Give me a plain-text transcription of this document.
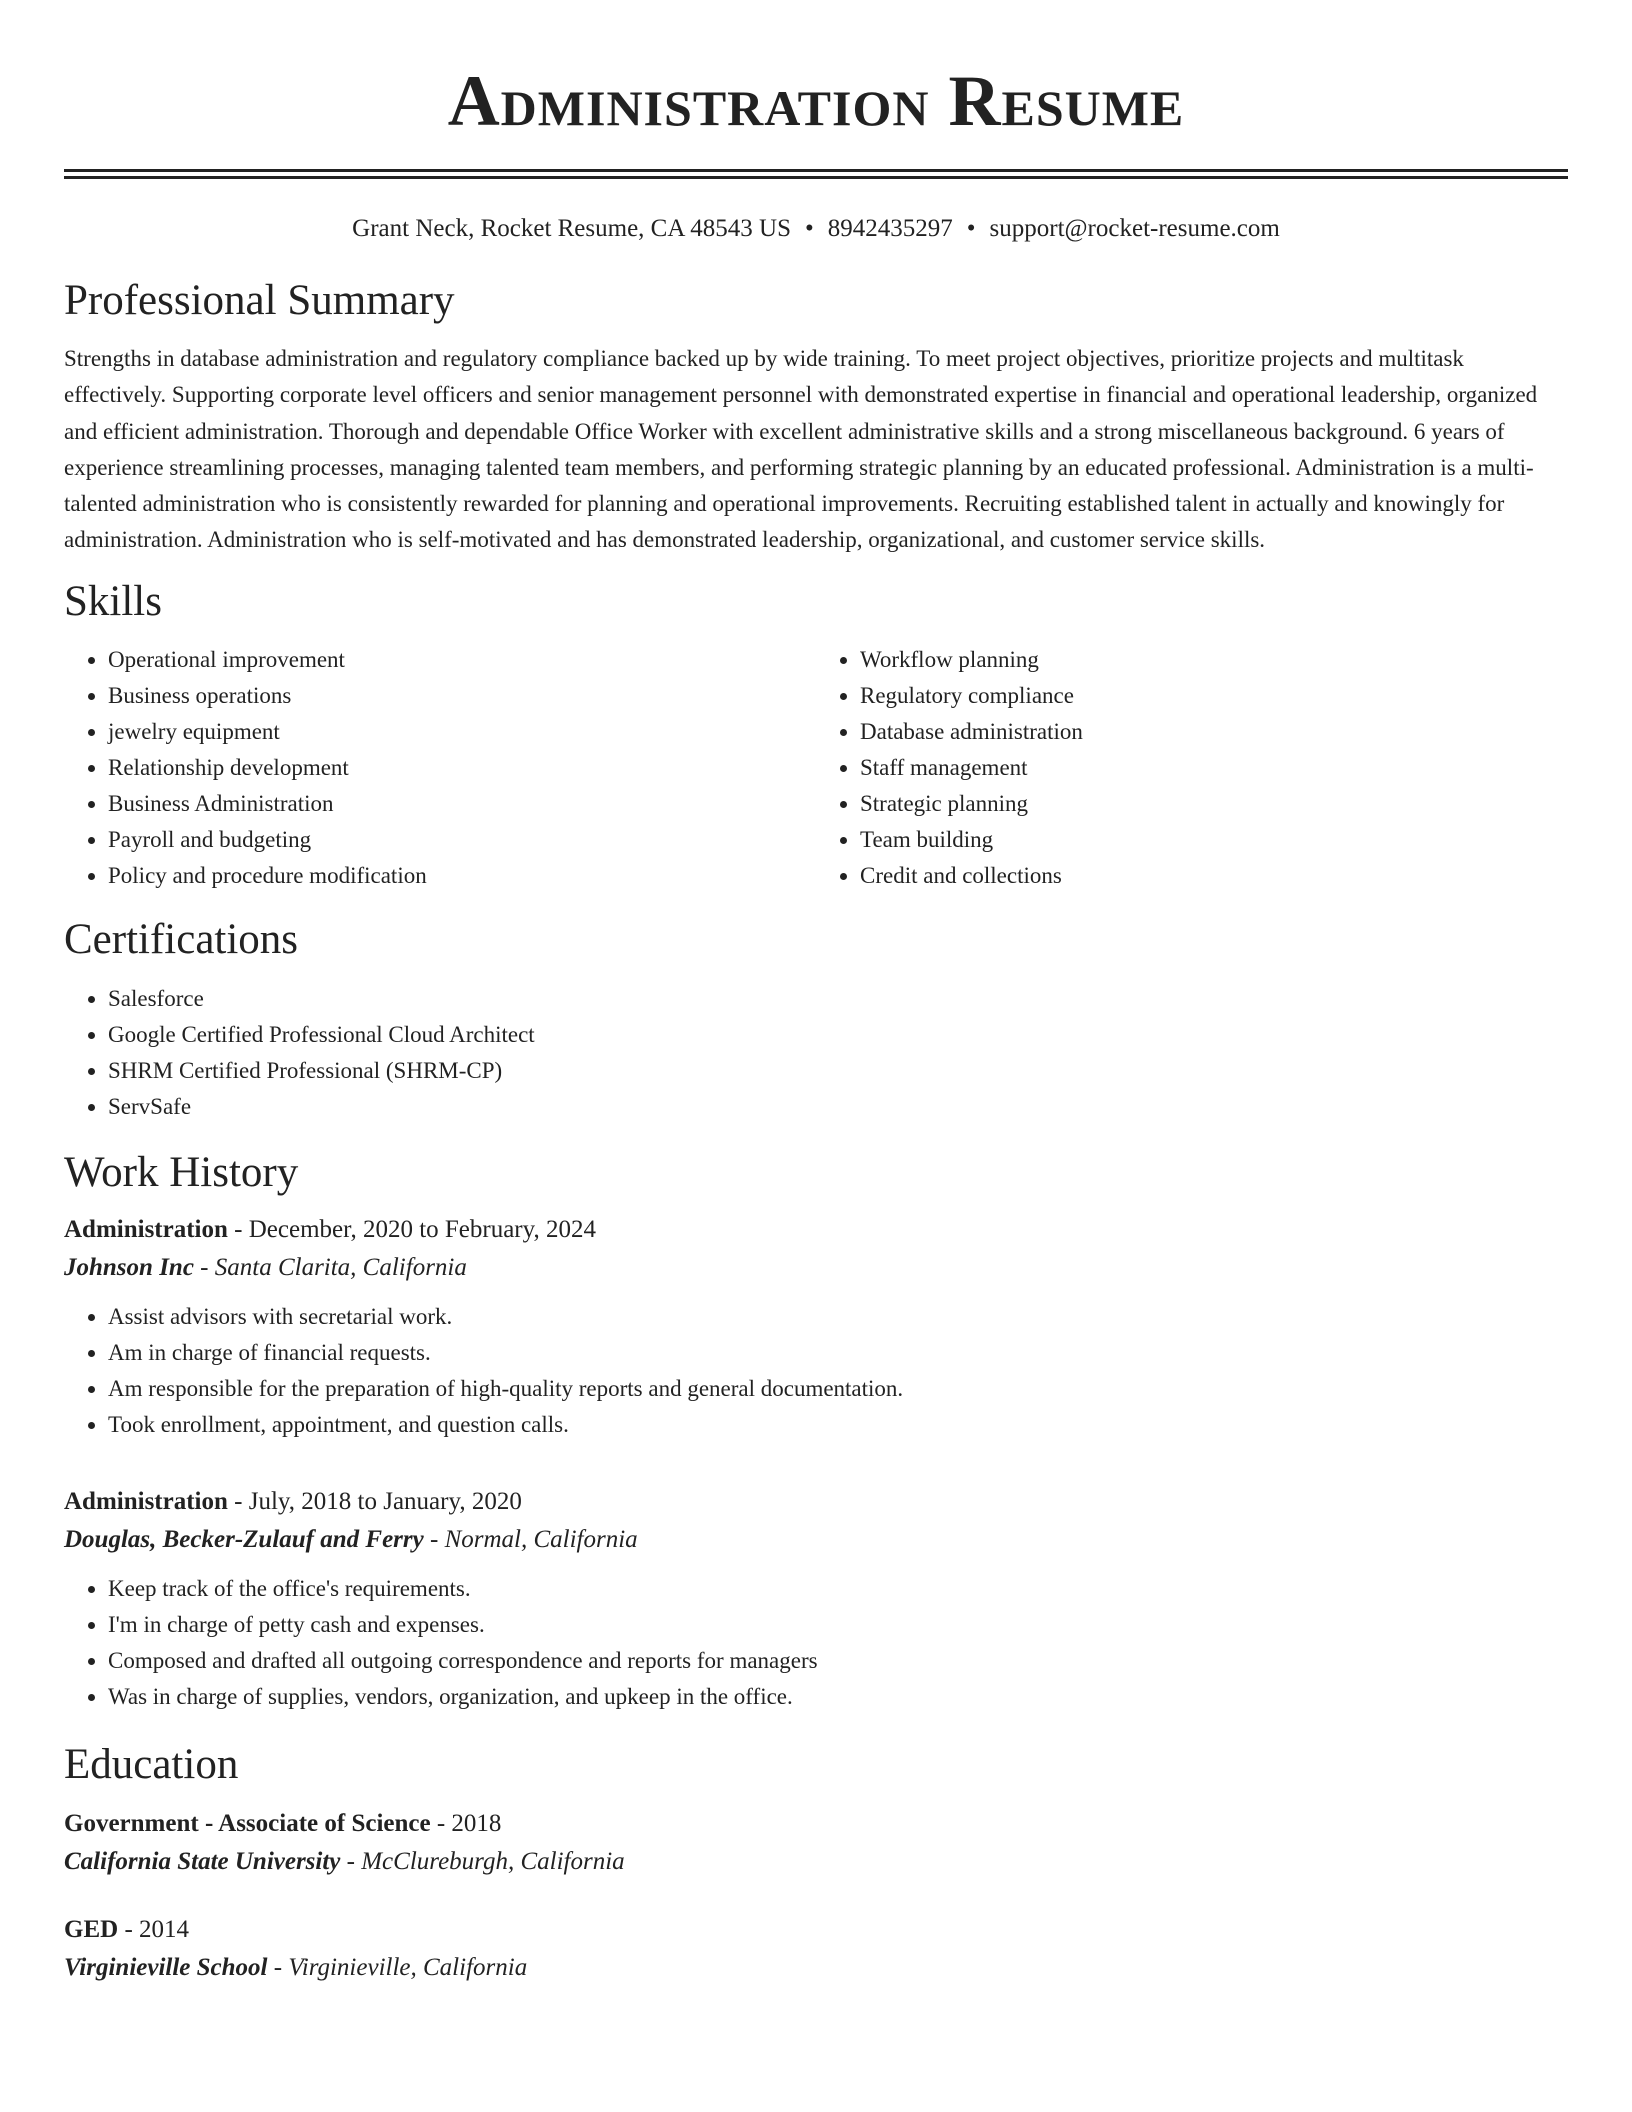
Administration Resume
Grant Neck, Rocket Resume, CA 48543 US • 8942435297 • support@rocket-resume.com
Professional Summary

Strengths in database administration and regulatory compliance backed up by wide training. To meet project objectives, prioritize projects and multitask effectively. Supporting corporate level officers and senior management personnel with demonstrated expertise in financial and operational leadership, organized and efficient administration. Thorough and dependable Office Worker with excellent administrative skills and a strong miscellaneous background. 6 years of experience streamlining processes, managing talented team members, and performing strategic planning by an educated professional. Administration is a multi-talented administration who is consistently rewarded for planning and operational improvements. Recruiting established talent in actually and knowingly for administration. Administration who is self-motivated and has demonstrated leadership, organizational, and customer service skills.

Skills
• Operational improvement
• Business operations
• jewelry equipment
• Relationship development
• Business Administration
• Payroll and budgeting
• Policy and procedure modification
• Workflow planning
• Regulatory compliance
• Database administration
• Staff management
• Strategic planning
• Team building
• Credit and collections
Certifications
• Salesforce
• Google Certified Professional Cloud Architect
• SHRM Certified Professional (SHRM-CP)
• ServSafe
Work History

Administration - December, 2020 to February, 2024

Johnson Inc - Santa Clarita, California

• Assist advisors with secretarial work.
• Am in charge of financial requests.
• Am responsible for the preparation of high-quality reports and general documentation.
• Took enrollment, appointment, and question calls.

Administration - July, 2018 to January, 2020

Douglas, Becker-Zulauf and Ferry - Normal, California

• Keep track of the office's requirements.
• I'm in charge of petty cash and expenses.
• Composed and drafted all outgoing correspondence and reports for managers
• Was in charge of supplies, vendors, organization, and upkeep in the office.
Education

Government - Associate of Science - 2018

California State University - McClureburgh, California

GED - 2014

Virginieville School - Virginieville, California
